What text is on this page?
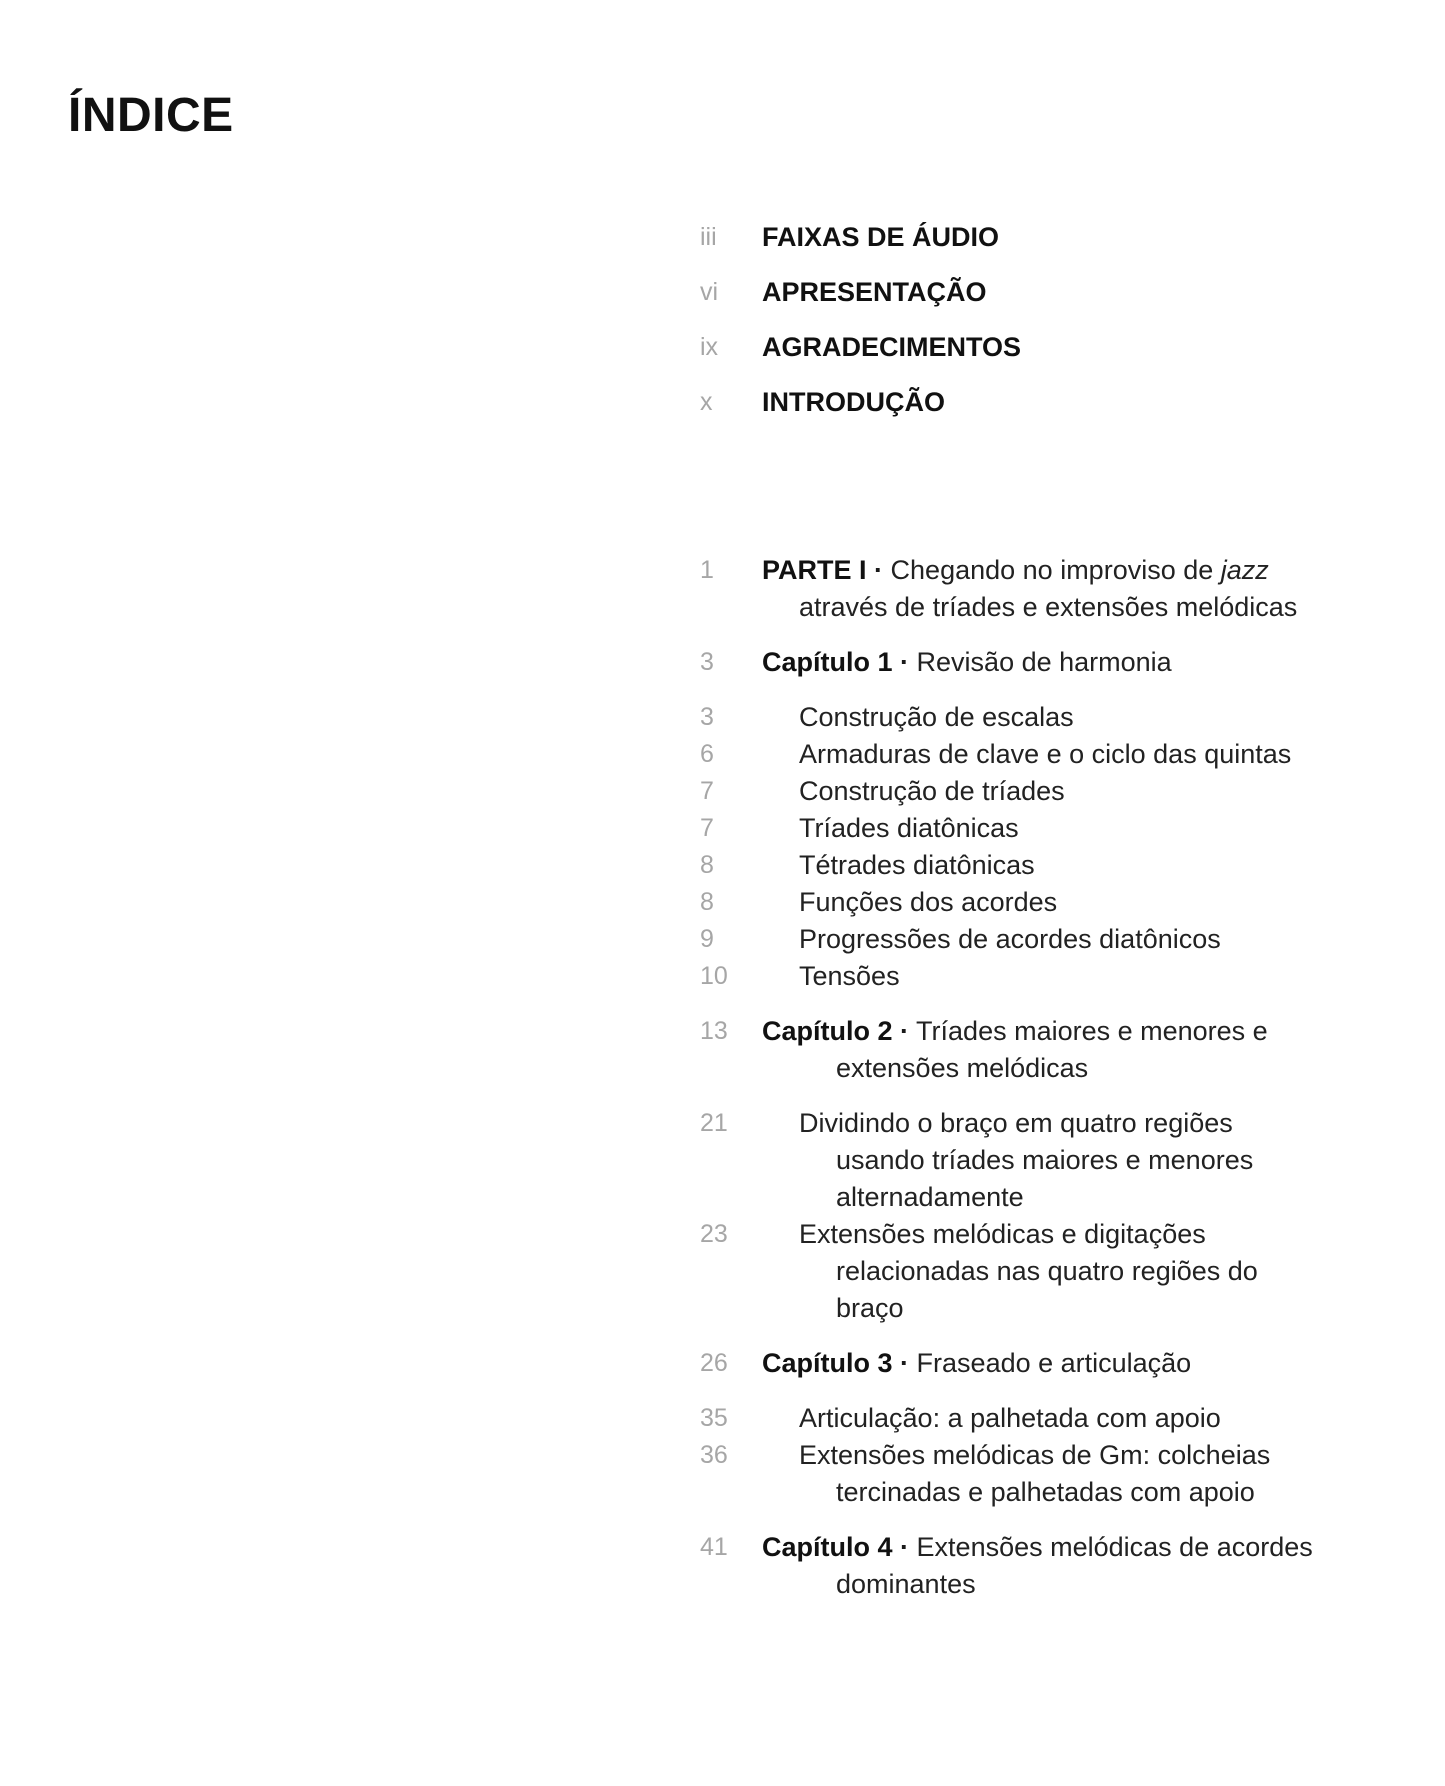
ÍNDICE
iii	FAIXAS DE ÁUDIO
vi	APRESENTAÇÃO
ix	AGRADECIMENTOS
x	INTRODUÇÃO
1	PARTE I · Chegando no improviso de jazz
através de tríades e extensões melódicas
3	Capítulo 1 · Revisão de harmonia
3	Construção de escalas
6	Armaduras de clave e o ciclo das quintas
7	Construção de tríades
7	Tríades diatônicas
8	Tétrades diatônicas
8	Funções dos acordes
9	Progressões de acordes diatônicos
10	Tensões
13	Capítulo 2 · Tríades maiores e menores e
extensões melódicas
21	Dividindo o braço em quatro regiões
usando tríades maiores e menores
alternadamente
23	Extensões melódicas e digitações
relacionadas nas quatro regiões do
braço
26	Capítulo 3 · Fraseado e articulação
35	Articulação: a palhetada com apoio
36	Extensões melódicas de Gm: colcheias
tercinadas e palhetadas com apoio
41	Capítulo 4 · Extensões melódicas de acordes
dominantes
